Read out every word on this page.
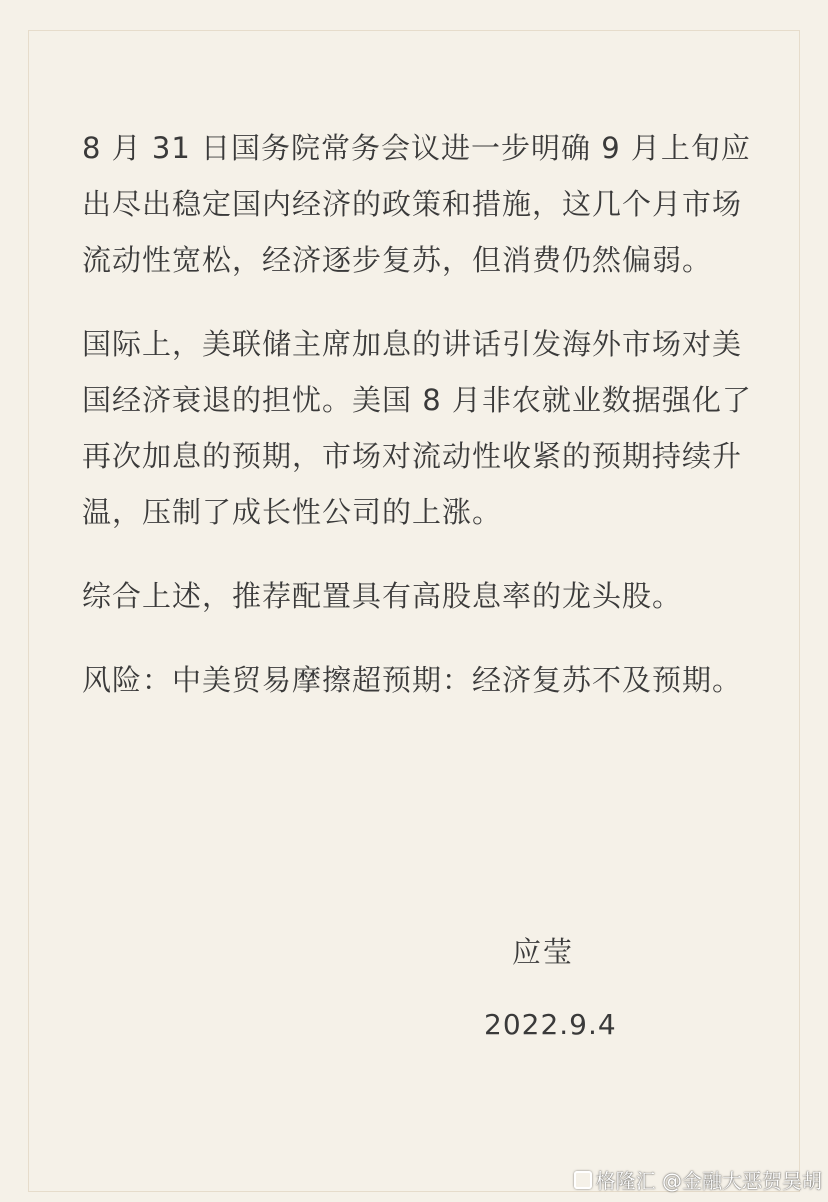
8 月 31 日国务院常务会议进一步明确 9 月上旬应出尽出稳定国内经济的政策和措施，这几个月市场流动性宽松，经济逐步复苏，但消费仍然偏弱。

国际上，美联储主席加息的讲话引发海外市场对美国经济衰退的担忧。美国 8 月非农就业数据强化了再次加息的预期，市场对流动性收紧的预期持续升温，压制了成长性公司的上涨。

综合上述，推荐配置具有高股息率的龙头股。

风险：中美贸易摩擦超预期：经济复苏不及预期。

应莹
2022.9.4
格隆汇 @金融大恶贺吴胡
